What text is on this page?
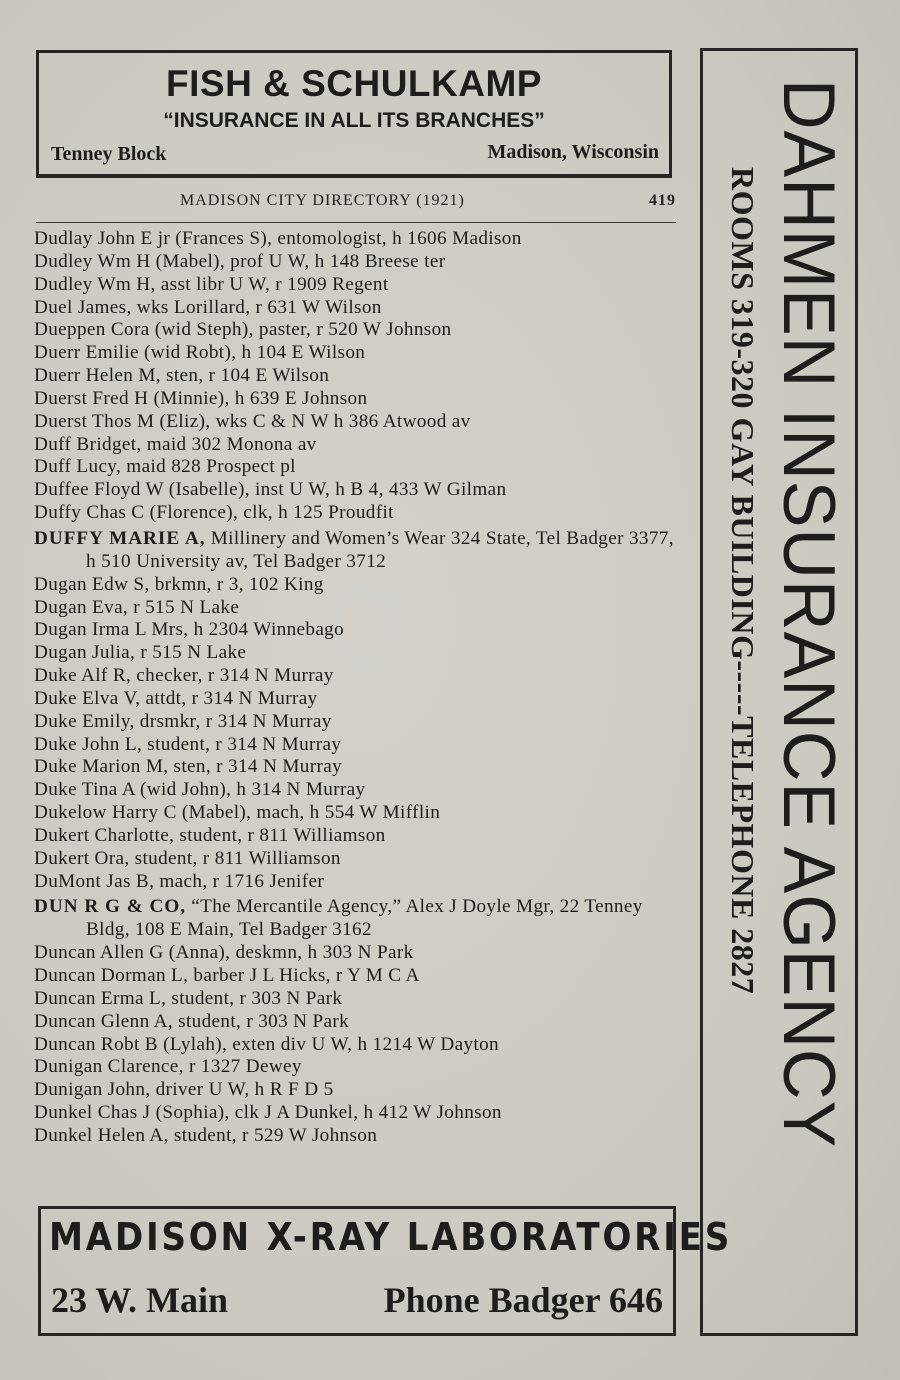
FISH & SCHULKAMP
“INSURANCE IN ALL ITS BRANCHES”
Tenney Block	Madison, Wisconsin
MADISON CITY DIRECTORY (1921)	419

Dudlay John E jr (Frances S), entomologist, h 1606 Madison

Dudley Wm H (Mabel), prof U W, h 148 Breese ter

Dudley Wm H, asst libr U W, r 1909 Regent

Duel James, wks Lorillard, r 631 W Wilson

Dueppen Cora (wid Steph), paster, r 520 W Johnson

Duerr Emilie (wid Robt), h 104 E Wilson

Duerr Helen M, sten, r 104 E Wilson

Duerst Fred H (Minnie), h 639 E Johnson

Duerst Thos M (Eliz), wks C & N W h 386 Atwood av

Duff Bridget, maid 302 Monona av

Duff Lucy, maid 828 Prospect pl

Duffee Floyd W (Isabelle), inst U W, h B 4, 433 W Gilman

Duffy Chas C (Florence), clk, h 125 Proudfit

DUFFY MARIE A, Millinery and Women’s Wear 324 State, Tel Badger 3377, h 510 University av, Tel Badger 3712

Dugan Edw S, brkmn, r 3, 102 King

Dugan Eva, r 515 N Lake

Dugan Irma L Mrs, h 2304 Winnebago

Dugan Julia, r 515 N Lake

Duke Alf R, checker, r 314 N Murray

Duke Elva V, attdt, r 314 N Murray

Duke Emily, drsmkr, r 314 N Murray

Duke John L, student, r 314 N Murray

Duke Marion M, sten, r 314 N Murray

Duke Tina A (wid John), h 314 N Murray

Dukelow Harry C (Mabel), mach, h 554 W Mifflin

Dukert Charlotte, student, r 811 Williamson

Dukert Ora, student, r 811 Williamson

DuMont Jas B, mach, r 1716 Jenifer

DUN R G & CO, “The Mercantile Agency,” Alex J Doyle Mgr, 22 Tenney Bldg, 108 E Main, Tel Badger 3162

Duncan Allen G (Anna), deskmn, h 303 N Park

Duncan Dorman L, barber J L Hicks, r Y M C A

Duncan Erma L, student, r 303 N Park

Duncan Glenn A, student, r 303 N Park

Duncan Robt B (Lylah), exten div U W, h 1214 W Dayton

Dunigan Clarence, r 1327 Dewey

Dunigan John, driver U W, h R F D 5

Dunkel Chas J (Sophia), clk J A Dunkel, h 412 W Johnson

Dunkel Helen A, student, r 529 W Johnson

MADISON X-RAY LABORATORIES
23 W. Main	Phone Badger 646
DAHMEN INSURANCE AGENCY
ROOMS 319-320 GAY BUILDING-----TELEPHONE 2827
